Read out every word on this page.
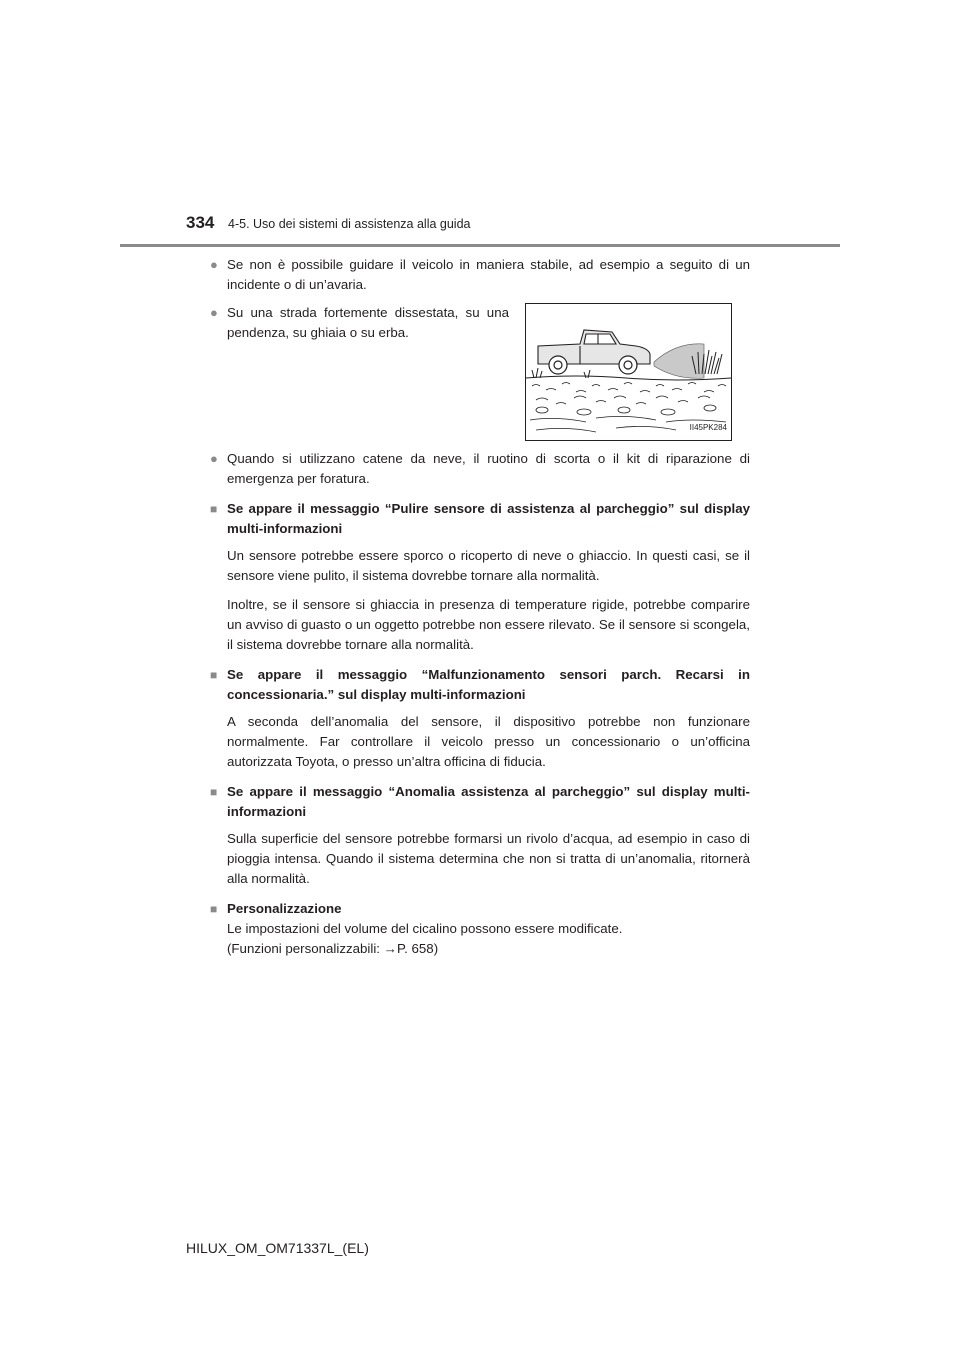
334 4-5. Uso dei sistemi di assistenza alla guida
● Se non è possibile guidare il veicolo in maniera stabile, ad esempio a seguito di un incidente o di un’avaria.
● Su una strada fortemente dissestata, su una pendenza, su ghiaia o su erba.
II45PK284
● Quando si utilizzano catene da neve, il ruotino di scorta o il kit di riparazione di emergenza per foratura.
■ Se appare il messaggio “Pulire sensore di assistenza al parcheggio” sul display multi-informazioni
Un sensore potrebbe essere sporco o ricoperto di neve o ghiaccio. In questi casi, se il sensore viene pulito, il sistema dovrebbe tornare alla normalità.
Inoltre, se il sensore si ghiaccia in presenza di temperature rigide, potrebbe comparire un avviso di guasto o un oggetto potrebbe non essere rilevato. Se il sensore si scongela, il sistema dovrebbe tornare alla normalità.
■ Se appare il messaggio “Malfunzionamento sensori parch. Recarsi in concessionaria.” sul display multi-informazioni
A seconda dell’anomalia del sensore, il dispositivo potrebbe non funzionare normalmente. Far controllare il veicolo presso un concessionario o un’officina autorizzata Toyota, o presso un’altra officina di fiducia.
■ Se appare il messaggio “Anomalia assistenza al parcheggio” sul display multi-informazioni
Sulla superficie del sensore potrebbe formarsi un rivolo d’acqua, ad esempio in caso di pioggia intensa. Quando il sistema determina che non si tratta di un’anomalia, ritornerà alla normalità.
■ Personalizzazione
Le impostazioni del volume del cicalino possono essere modificate.
(Funzioni personalizzabili: →P. 658)
HILUX_OM_OM71337L_(EL)
